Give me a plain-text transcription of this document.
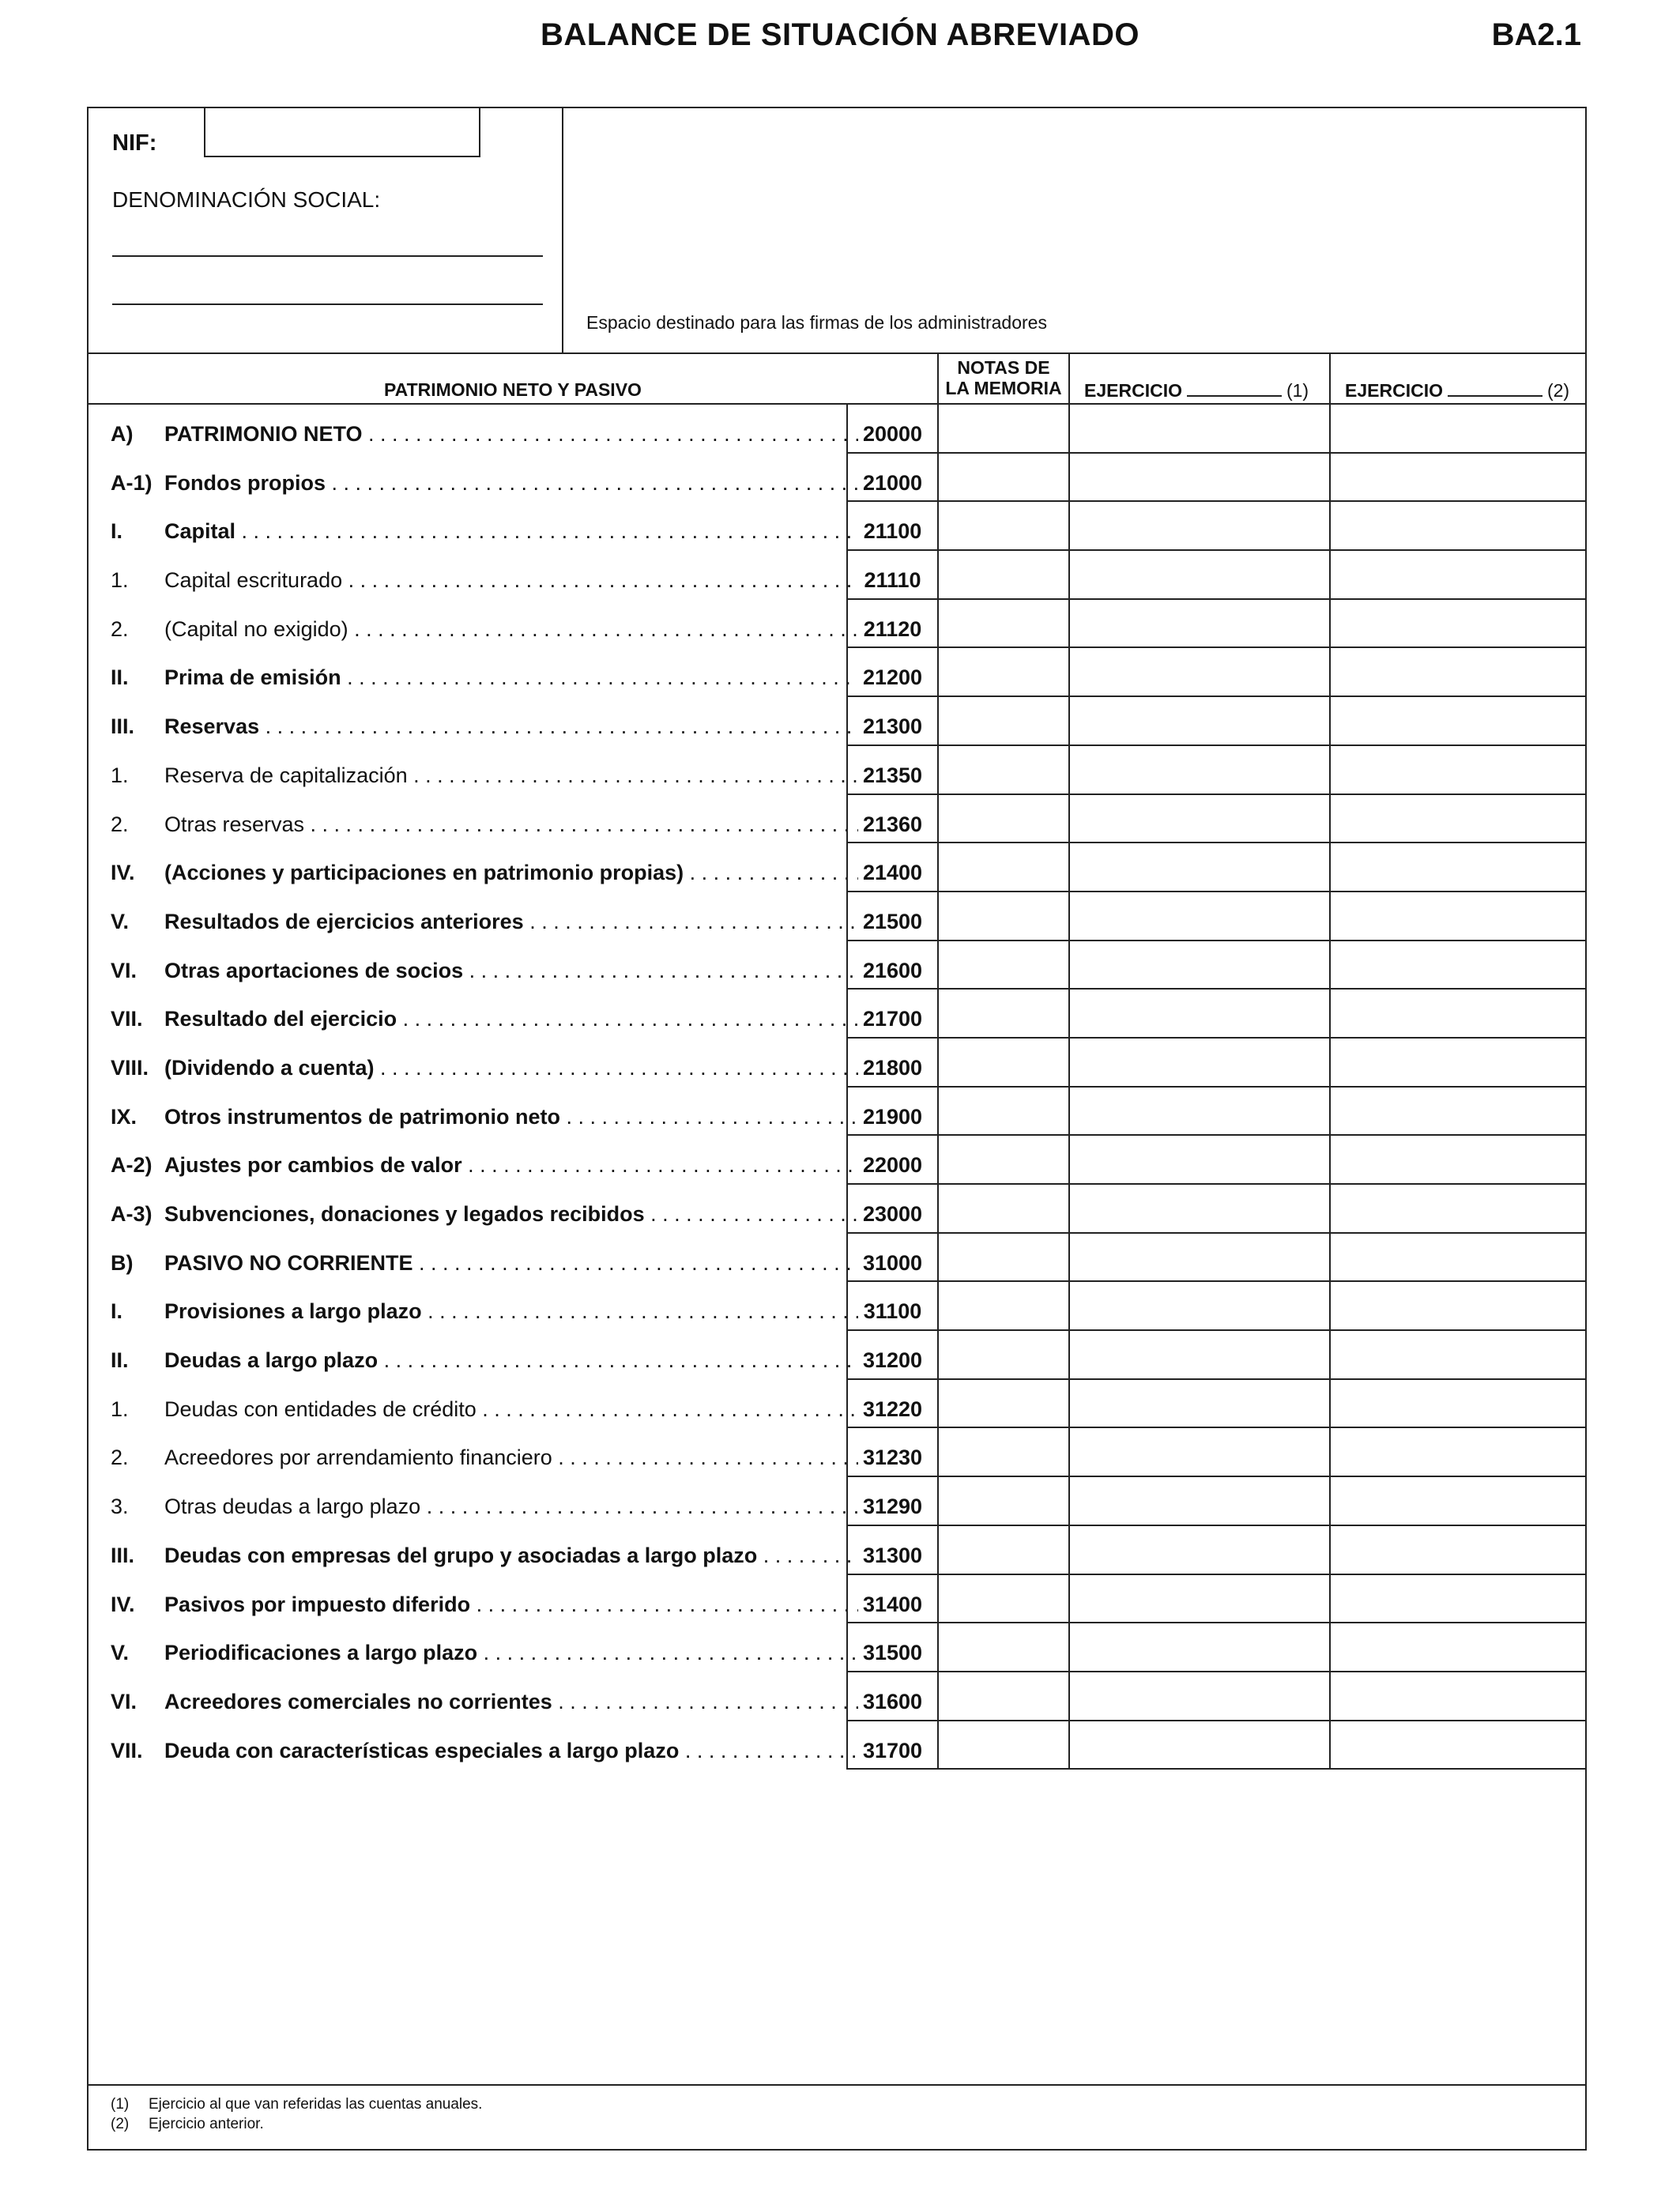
BALANCE DE SITUACIÓN ABREVIADO	BA2.1
NIF:
DENOMINACIÓN SOCIAL:
Espacio destinado para las firmas de los administradores
PATRIMONIO NETO Y PASIVO
NOTAS DE
LA MEMORIA	EJERCICIO	(1)	EJERCICIO	(2)
A)	PATRIMONIO NETO . . .	20000
A-1) Fondos propios . . .	21000
I.	Capital . . .	21100
1.	Capital escriturado . . .	21110
2.	(Capital no exigido) . . .	21120
II.	Prima de emisión . . .	21200
III.	Reservas . . .	21300
1.	Reserva de capitalización . . .	21350
2.	Otras reservas . . .	21360
IV.	(Acciones y participaciones en patrimonio propias) . . .	21400
V.	Resultados de ejercicios anteriores . . .	21500
VI.	Otras aportaciones de socios . . .	21600
VII.	Resultado del ejercicio . . .	21700
VIII. (Dividendo a cuenta) . . .	21800
IX.	Otros instrumentos de patrimonio neto . . .	21900
A-2) Ajustes por cambios de valor . . .	22000
A-3) Subvenciones, donaciones y legados recibidos . . .	23000
B)	PASIVO NO CORRIENTE . . .	31000
I.	Provisiones a largo plazo . . .	31100
II.	Deudas a largo plazo . . .	31200
1.	Deudas con entidades de crédito . . .	31220
2.	Acreedores por arrendamiento financiero . . .	31230
3.	Otras deudas a largo plazo . . .	31290
III.	Deudas con empresas del grupo y asociadas a largo plazo . . .	31300
IV.	Pasivos por impuesto diferido . . .	31400
V.	Periodificaciones a largo plazo . . .	31500
VI.	Acreedores comerciales no corrientes . . .	31600
VII.	Deuda con características especiales a largo plazo . . .	31700
(1) Ejercicio al que van referidas las cuentas anuales.
(2) Ejercicio anterior.
